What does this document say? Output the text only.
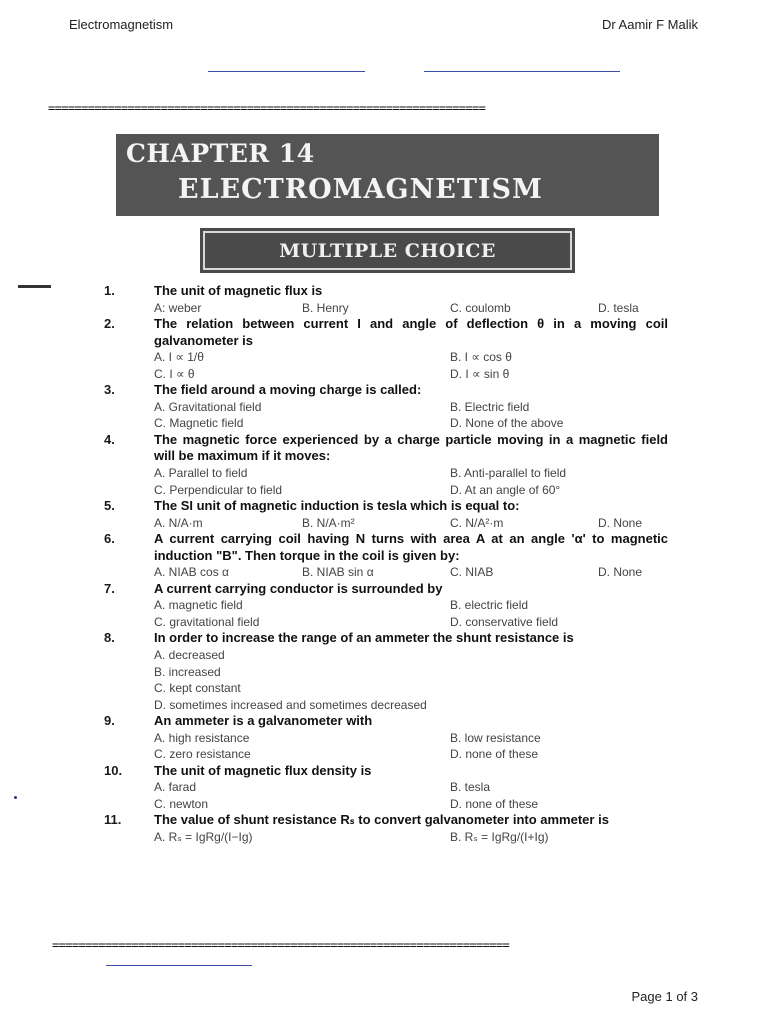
Electromagnetism	Dr Aamir F Malik
==================================================================
CHAPTER 14
ELECTROMAGNETISM
MULTIPLE CHOICE
1.	The unit of magnetic flux is
A: weber	B. Henry	C. coulomb	D. tesla
2.	The relation between current I and angle of deflection θ in a moving coil galvanometer is
A. I ∝ 1/θ	B. I ∝ cos θ
C. I ∝ θ	D. I ∝ sin θ
3.	The field around a moving charge is called:
A. Gravitational field	B. Electric field
C. Magnetic field	D. None of the above
4.	The magnetic force experienced by a charge particle moving in a magnetic field will be maximum if it moves:
A. Parallel to field	B. Anti-parallel to field
C. Perpendicular to field	D. At an angle of 60°
5.	The SI unit of magnetic induction is tesla which is equal to:
A. N/A·m	B. N/A·m²	C. N/A²·m	D. None
6.	A current carrying coil having N turns with area A at an angle 'α' to magnetic induction "B". Then torque in the coil is given by:
A. NIAB cos α	B. NIAB sin α	C. NIAB	D. None
7.	A current carrying conductor is surrounded by
A. magnetic field	B. electric field
C. gravitational field	D. conservative field
8.	In order to increase the range of an ammeter the shunt resistance is
A. decreased
B. increased
C. kept constant
D. sometimes increased and sometimes decreased
9.	An ammeter is a galvanometer with
A. high resistance	B. low resistance
C. zero resistance	D. none of these
10. The unit of magnetic flux density is
A. farad	B. tesla
C. newton	D. none of these
11.	The value of shunt resistance Rₛ to convert galvanometer into ammeter is
A. Rₛ = IgRg/(I−Ig)	B. Rₛ = IgRg/(I+Ig)
=====================================================================
Page 1 of 3
